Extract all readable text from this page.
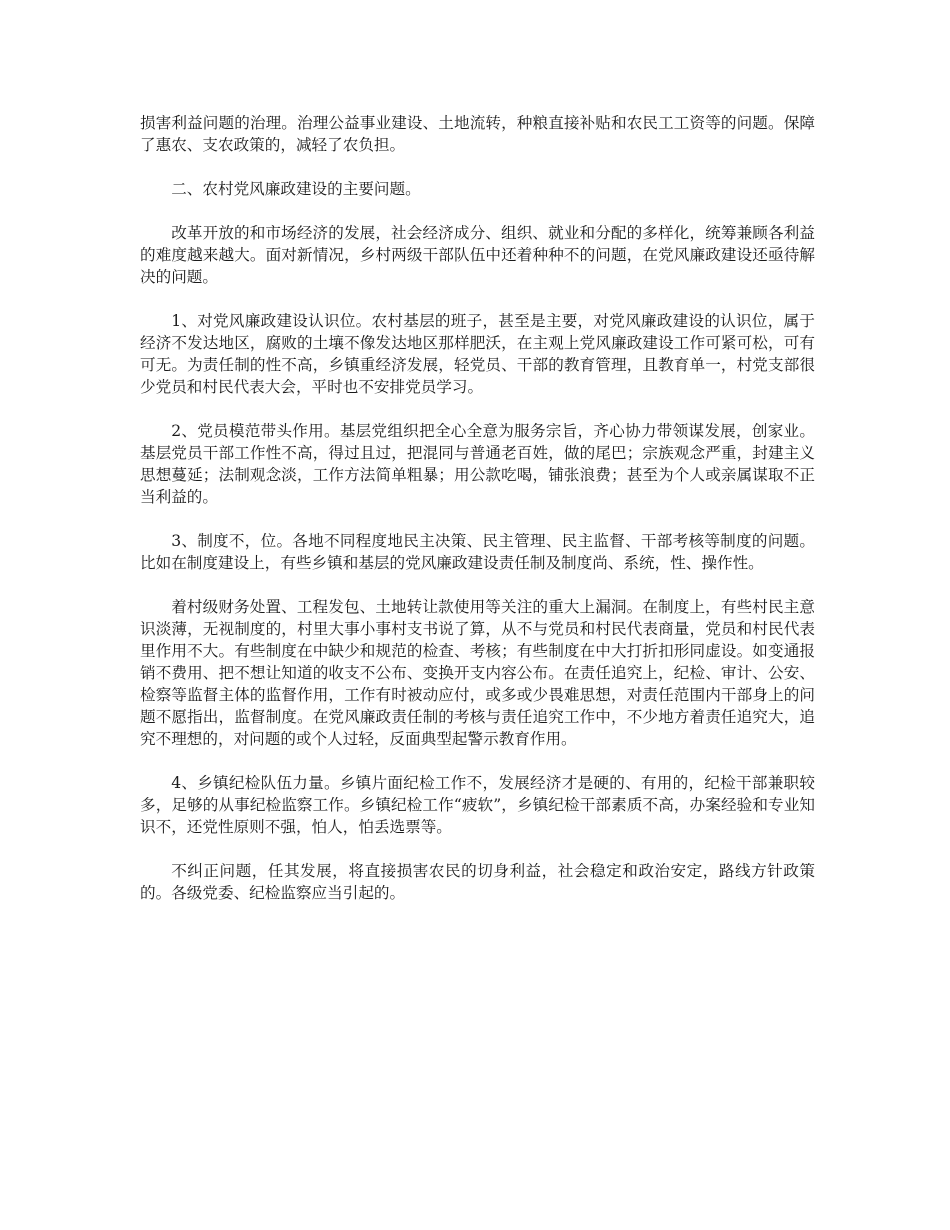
损害利益问题的治理。治理公益事业建设、土地流转，种粮直接补贴和农民工工资等的问题。保障了惠农、支农政策的，减轻了农负担。

二、农村党风廉政建设的主要问题。

改革开放的和市场经济的发展，社会经济成分、组织、就业和分配的多样化，统筹兼顾各利益的难度越来越大。面对新情况，乡村两级干部队伍中还着种种不的问题，在党风廉政建设还亟待解决的问题。

1、对党风廉政建设认识位。农村基层的班子，甚至是主要，对党风廉政建设的认识位，属于经济不发达地区，腐败的土壤不像发达地区那样肥沃，在主观上党风廉政建设工作可紧可松，可有可无。为责任制的性不高，乡镇重经济发展，轻党员、干部的教育管理，且教育单一，村党支部很少党员和村民代表大会，平时也不安排党员学习。

2、党员模范带头作用。基层党组织把全心全意为服务宗旨，齐心协力带领谋发展，创家业。基层党员干部工作性不高，得过且过，把混同与普通老百姓，做的尾巴；宗族观念严重，封建主义思想蔓延；法制观念淡，工作方法简单粗暴；用公款吃喝，铺张浪费；甚至为个人或亲属谋取不正当利益的。

3、制度不，位。各地不同程度地民主决策、民主管理、民主监督、干部考核等制度的问题。比如在制度建设上，有些乡镇和基层的党风廉政建设责任制及制度尚、系统，性、操作性。

着村级财务处置、工程发包、土地转让款使用等关注的重大上漏洞。在制度上，有些村民主意识淡薄，无视制度的，村里大事小事村支书说了算，从不与党员和村民代表商量，党员和村民代表里作用不大。有些制度在中缺少和规范的检查、考核；有些制度在中大打折扣形同虚设。如变通报销不费用、把不想让知道的收支不公布、变换开支内容公布。在责任追究上，纪检、审计、公安、检察等监督主体的监督作用，工作有时被动应付，或多或少畏难思想，对责任范围内干部身上的问题不愿指出，监督制度。在党风廉政责任制的考核与责任追究工作中，不少地方着责任追究大，追究不理想的，对问题的或个人过轻，反面典型起警示教育作用。

4、乡镇纪检队伍力量。乡镇片面纪检工作不，发展经济才是硬的、有用的，纪检干部兼职较多，足够的从事纪检监察工作。乡镇纪检工作“疲软”，乡镇纪检干部素质不高，办案经验和专业知识不，还党性原则不强，怕人，怕丢选票等。

不纠正问题，任其发展，将直接损害农民的切身利益，社会稳定和政治安定，路线方针政策的。各级党委、纪检监察应当引起的。
